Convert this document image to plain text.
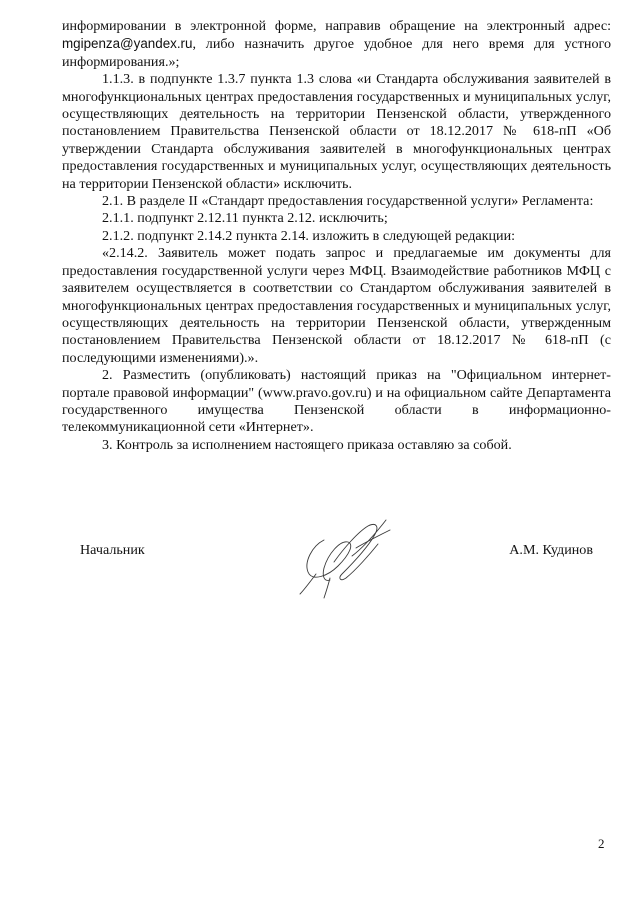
информировании в электронной форме, направив обращение на электронный адрес: mgipenza@yandex.ru, либо назначить другое удобное для него время для устного информирования.»;

1.1.3. в подпункте 1.3.7 пункта 1.3 слова «и Стандарта обслуживания заявителей в многофункциональных центрах предоставления государственных и муниципальных услуг, осуществляющих деятельность на территории Пензенской области, утвержденного постановлением Правительства Пензенской области от 18.12.2017 № 618-пП «Об утверждении Стандарта обслуживания заявителей в многофункциональных центрах предоставления государственных и муниципальных услуг, осуществляющих деятельность на территории Пензенской области» исключить.

2.1. В разделе II «Стандарт предоставления государственной услуги» Регламента:

2.1.1. подпункт 2.12.11 пункта 2.12. исключить;

2.1.2. подпункт 2.14.2 пункта 2.14. изложить в следующей редакции:

«2.14.2. Заявитель может подать запрос и предлагаемые им документы для предоставления государственной услуги через МФЦ. Взаимодействие работников МФЦ с заявителем осуществляется в соответствии со Стандартом обслуживания заявителей в многофункциональных центрах предоставления государственных и муниципальных услуг, осуществляющих деятельность на территории Пензенской области, утвержденным постановлением Правительства Пензенской области от 18.12.2017 № 618-пП (с последующими изменениями).».

2. Разместить (опубликовать) настоящий приказ на "Официальном интернет-портале правовой информации" (www.pravo.gov.ru) и на официальном сайте Департамента государственного имущества Пензенской области в информационно-телекоммуникационной сети «Интернет».

3. Контроль за исполнением настоящего приказа оставляю за собой.

Начальник	А.М. Кудинов
2
